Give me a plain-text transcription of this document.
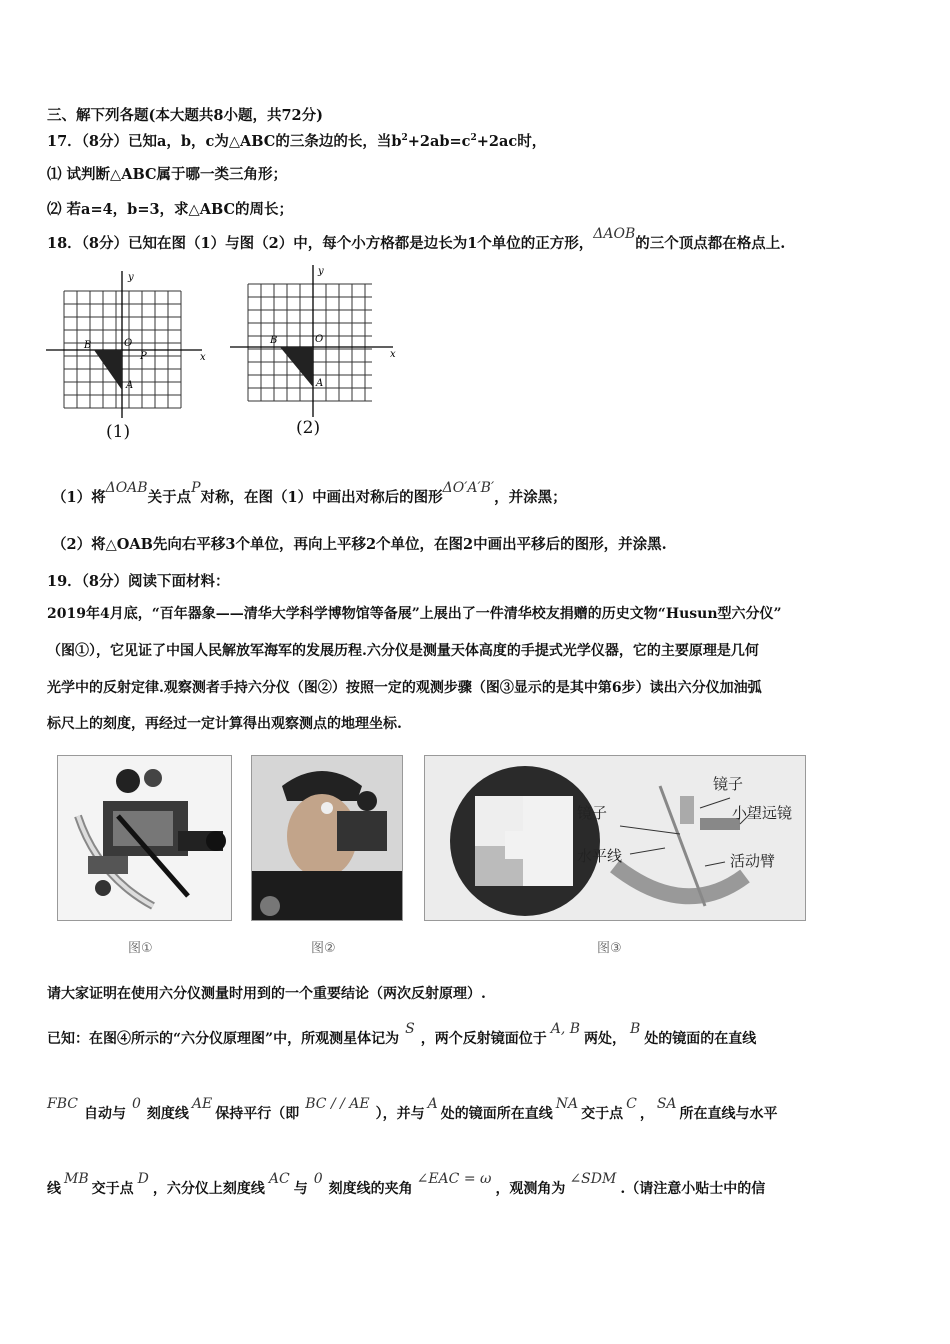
三、解下列各题(本大题共8小题，共72分)
17．（8分）已知a，b，c为△ABC的三条边的长，当$b^2+2ab=c^2+2ac$时，
⑴ 试判断△ABC属于哪一类三角形；
⑵ 若a=4，b=3，求△ABC的周长；
18．（8分）已知在图（1）与图（2）中，每个小方格都是边长为1个单位的正方形，ΔAOB的三个顶点都在格点上.
y
x
B	O
P
A
(1)
y
x
B	O
A
(2)
（1）将ΔOAB关于点P对称，在图（1）中画出对称后的图形ΔO′A′B′，并涂黑；
（2）将△OAB先向右平移3个单位，再向上平移2个单位，在图2中画出平移后的图形，并涂黑.
19．（8分）阅读下面材料：
2019年4月底，“百年器象——清华大学科学博物馆等备展”上展出了一件清华校友捐赠的历史文物“Husun型六分仪”
（图①），它见证了中国人民解放军海军的发展历程.六分仪是测量天体高度的手提式光学仪器，它的主要原理是几何
光学中的反射定律.观察测者手持六分仪（图②）按照一定的观测步骤（图③显示的是其中第6步）读出六分仪加油弧
标尺上的刻度，再经过一定计算得出观察测点的地理坐标.
图①	图②
镜子
镜子	小望远镜
水平线	活动臂
图③
请大家证明在使用六分仪测量时用到的一个重要结论（两次反射原理）.
已知：在图④所示的“六分仪原理图”中，所观测星体记为S，两个反射镜面位于A, B两处，B处的镜面的在直线
FBC自动与0刻度线AE保持平行（即BC / / AE），并与A处的镜面所在直线NA交于点C，SA所在直线与水平
线MB交于点D，六分仪上刻度线AC与0刻度线的夹角∠EAC = ω，观测角为∠SDM.（请注意小贴士中的信
